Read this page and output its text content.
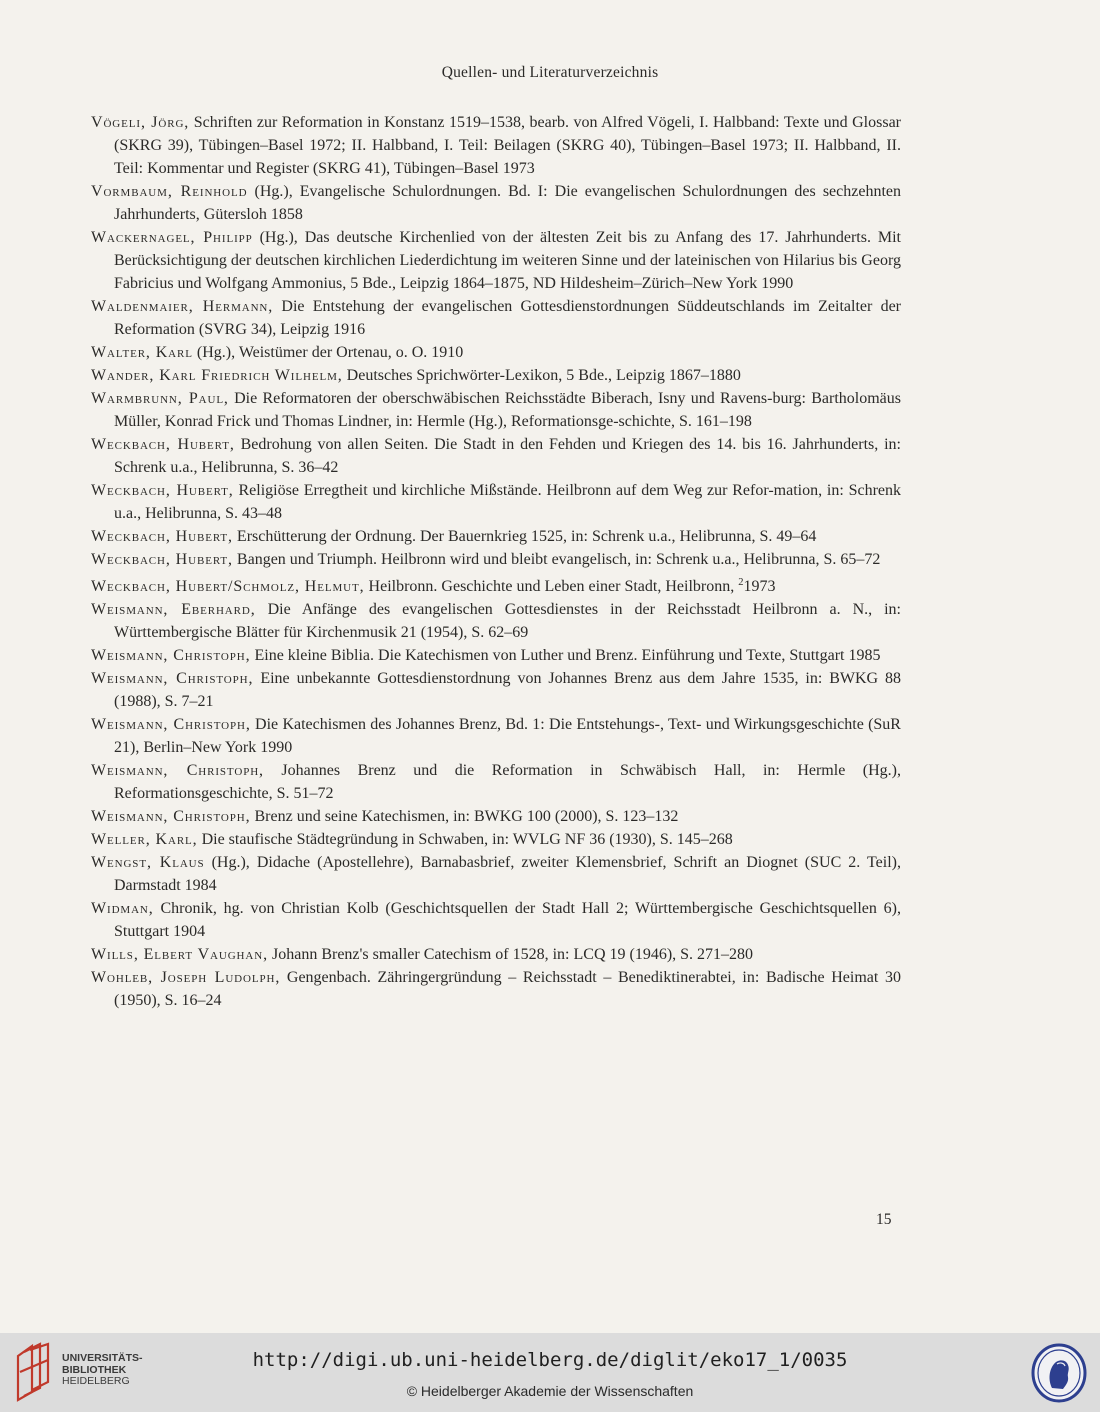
Quellen- und Literaturverzeichnis
Vögeli, Jörg, Schriften zur Reformation in Konstanz 1519–1538, bearb. von Alfred Vögeli, I. Halbband: Texte und Glossar (SKRG 39), Tübingen–Basel 1972; II. Halbband, I. Teil: Beilagen (SKRG 40), Tübingen–Basel 1973; II. Halbband, II. Teil: Kommentar und Register (SKRG 41), Tübingen–Basel 1973
Vormbaum, Reinhold (Hg.), Evangelische Schulordnungen. Bd. I: Die evangelischen Schulordnungen des sechzehnten Jahrhunderts, Gütersloh 1858
Wackernagel, Philipp (Hg.), Das deutsche Kirchenlied von der ältesten Zeit bis zu Anfang des 17. Jahrhunderts. Mit Berücksichtigung der deutschen kirchlichen Liederdichtung im weiteren Sinne und der lateinischen von Hilarius bis Georg Fabricius und Wolfgang Ammonius, 5 Bde., Leipzig 1864–1875, ND Hildesheim–Zürich–New York 1990
Waldenmaier, Hermann, Die Entstehung der evangelischen Gottesdienstordnungen Süddeutschlands im Zeitalter der Reformation (SVRG 34), Leipzig 1916
Walter, Karl (Hg.), Weistümer der Ortenau, o. O. 1910
Wander, Karl Friedrich Wilhelm, Deutsches Sprichwörter-Lexikon, 5 Bde., Leipzig 1867–1880
Warmbrunn, Paul, Die Reformatoren der oberschwäbischen Reichsstädte Biberach, Isny und Ravens-burg: Bartholomäus Müller, Konrad Frick und Thomas Lindner, in: Hermle (Hg.), Reformationsge-schichte, S. 161–198
Weckbach, Hubert, Bedrohung von allen Seiten. Die Stadt in den Fehden und Kriegen des 14. bis 16. Jahrhunderts, in: Schrenk u.a., Helibrunna, S. 36–42
Weckbach, Hubert, Religiöse Erregtheit und kirchliche Mißstände. Heilbronn auf dem Weg zur Refor-mation, in: Schrenk u.a., Helibrunna, S. 43–48
Weckbach, Hubert, Erschütterung der Ordnung. Der Bauernkrieg 1525, in: Schrenk u.a., Helibrunna, S. 49–64
Weckbach, Hubert, Bangen und Triumph. Heilbronn wird und bleibt evangelisch, in: Schrenk u.a., Helibrunna, S. 65–72
Weckbach, Hubert/Schmolz, Helmut, Heilbronn. Geschichte und Leben einer Stadt, Heilbronn, $^2$1973
Weismann, Eberhard, Die Anfänge des evangelischen Gottesdienstes in der Reichsstadt Heilbronn a. N., in: Württembergische Blätter für Kirchenmusik 21 (1954), S. 62–69
Weismann, Christoph, Eine kleine Biblia. Die Katechismen von Luther und Brenz. Einführung und Texte, Stuttgart 1985
Weismann, Christoph, Eine unbekannte Gottesdienstordnung von Johannes Brenz aus dem Jahre 1535, in: BWKG 88 (1988), S. 7–21
Weismann, Christoph, Die Katechismen des Johannes Brenz, Bd. 1: Die Entstehungs-, Text- und Wirkungsgeschichte (SuR 21), Berlin–New York 1990
Weismann, Christoph, Johannes Brenz und die Reformation in Schwäbisch Hall, in: Hermle (Hg.), Reformationsgeschichte, S. 51–72
Weismann, Christoph, Brenz und seine Katechismen, in: BWKG 100 (2000), S. 123–132
Weller, Karl, Die staufische Städtegründung in Schwaben, in: WVLG NF 36 (1930), S. 145–268
Wengst, Klaus (Hg.), Didache (Apostellehre), Barnabasbrief, zweiter Klemensbrief, Schrift an Diognet (SUC 2. Teil), Darmstadt 1984
Widman, Chronik, hg. von Christian Kolb (Geschichtsquellen der Stadt Hall 2; Württembergische Geschichtsquellen 6), Stuttgart 1904
Wills, Elbert Vaughan, Johann Brenz's smaller Catechism of 1528, in: LCQ 19 (1946), S. 271–280
Wohleb, Joseph Ludolph, Gengenbach. Zähringergründung – Reichsstadt – Benediktinerabtei, in: Badische Heimat 30 (1950), S. 16–24
15
UNIVERSITÄTS-
BIBLIOTHEK
HEIDELBERG
http://digi.ub.uni-heidelberg.de/diglit/eko17_1/0035
© Heidelberger Akademie der Wissenschaften
